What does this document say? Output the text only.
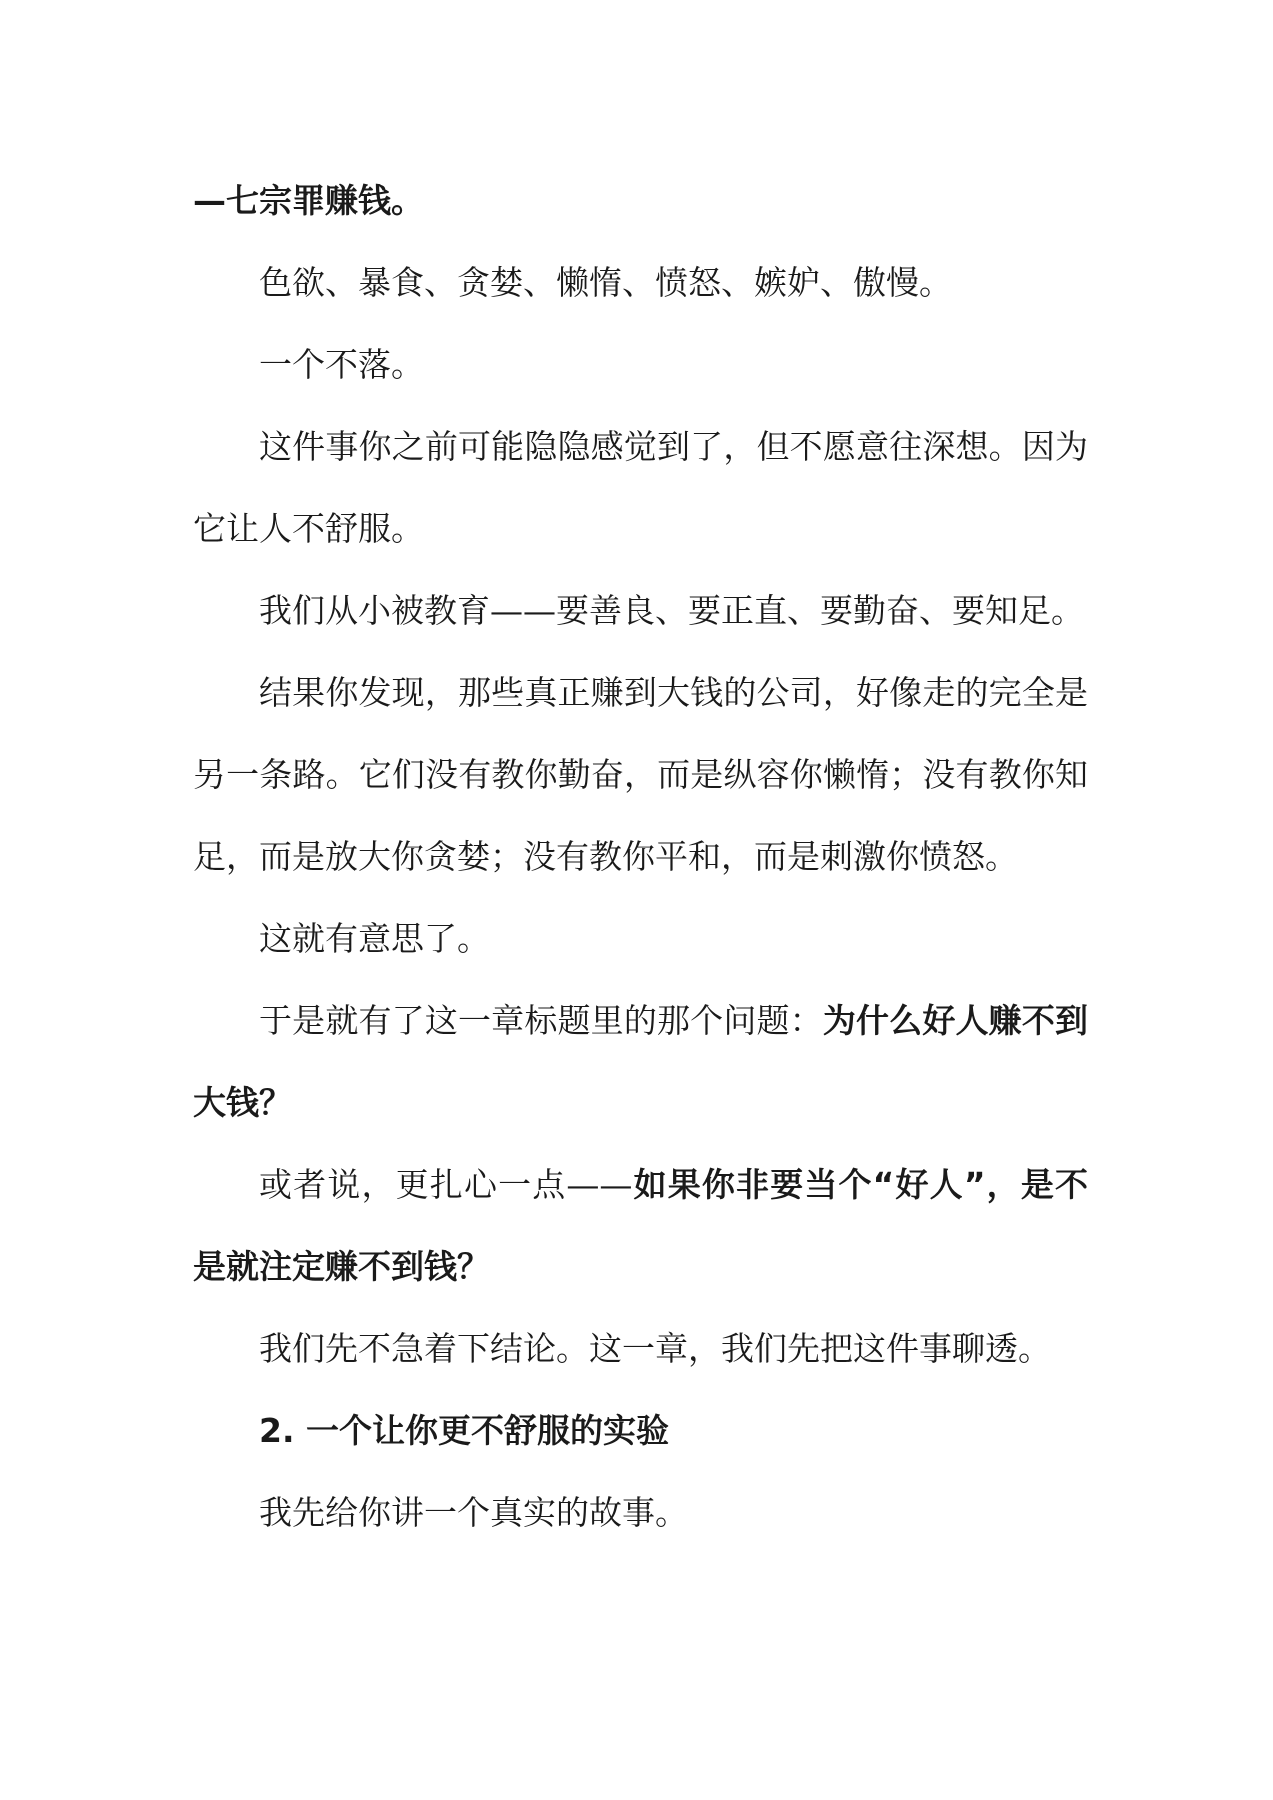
—七宗罪赚钱。

色欲、暴食、贪婪、懒惰、愤怒、嫉妒、傲慢。

一个不落。

这件事你之前可能隐隐感觉到了，但不愿意往深想。因为它让人不舒服。

我们从小被教育——要善良、要正直、要勤奋、要知足。

结果你发现，那些真正赚到大钱的公司，好像走的完全是另一条路。它们没有教你勤奋，而是纵容你懒惰；没有教你知足，而是放大你贪婪；没有教你平和，而是刺激你愤怒。

这就有意思了。

于是就有了这一章标题里的那个问题：为什么好人赚不到大钱？

或者说，更扎心一点——如果你非要当个“好人”，是不是就注定赚不到钱？

我们先不急着下结论。这一章，我们先把这件事聊透。

2. 一个让你更不舒服的实验

我先给你讲一个真实的故事。
